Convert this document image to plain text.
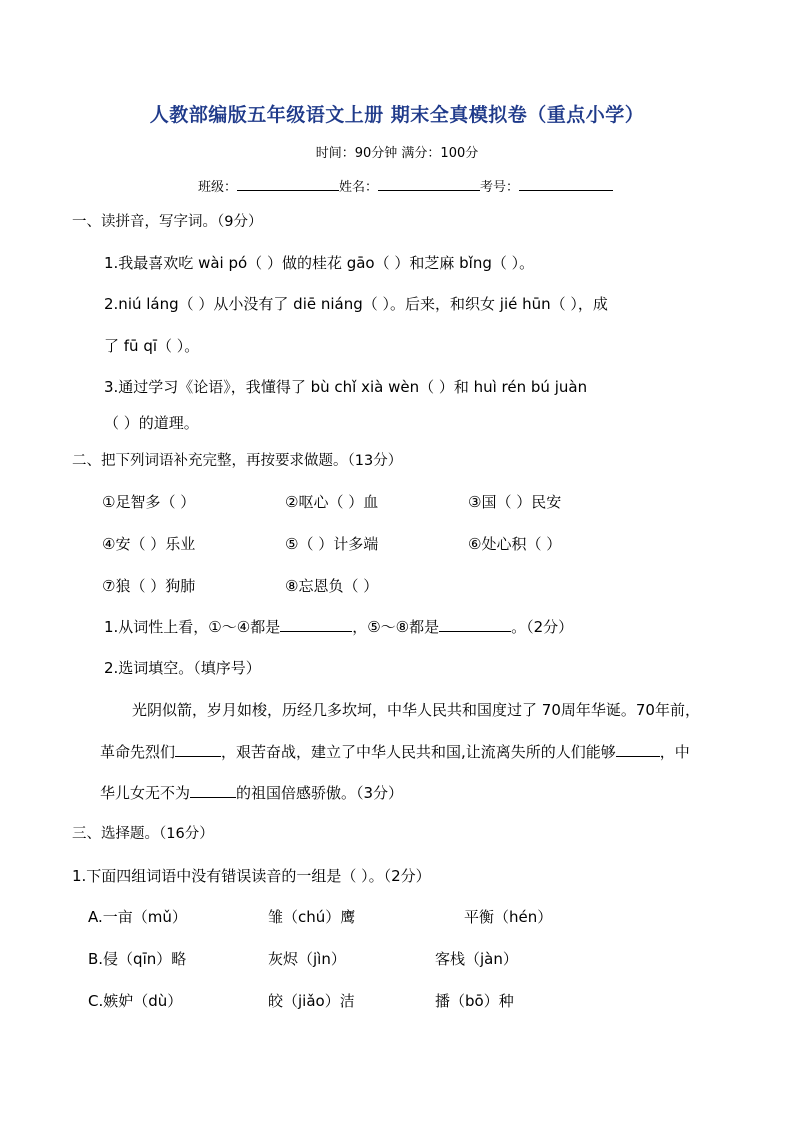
人教部编版五年级语文上册 期末全真模拟卷（重点小学）
时间：90分钟 满分：100分
班级：	姓名：	考号：
一、读拼音，写字词。（9分）
1.我最喜欢吃 wài pó（ ）做的桂花 gāo（ ）和芝麻 bǐng（ ）。
2.niú láng（ ）从小没有了 diē niáng（ ）。后来，和织女 jié hūn（ ），成
了 fū qī（ ）。
3.通过学习《论语》，我懂得了 bù chǐ xià wèn（ ）和 huì rén bú juàn
（ ）的道理。
二、把下列词语补充完整，再按要求做题。（13分）
①足智多（ ）	②呕心（ ）血	③国（ ）民安
④安（ ）乐业	⑤（ ）计多端	⑥处心积（ ）
⑦狼（ ）狗肺	⑧忘恩负（ ）
1.从词性上看，①～④都是	，⑤～⑧都是	。（2分）
2.选词填空。（填序号）
光阴似箭，岁月如梭，历经几多坎坷，中华人民共和国度过了 70周年华诞。70年前，
革命先烈们	，艰苦奋战，建立了中华人民共和国,让流离失所的人们能够	，中
华儿女无不为	的祖国倍感骄傲。（3分）
三、选择题。（16分）
1.下面四组词语中没有错误读音的一组是（ ）。（2分）
A.一亩（mǔ）	雏（chú）鹰	平衡（hén）
B.侵（qīn）略	灰烬（jìn）	客栈（jàn）
C.嫉妒（dù）	皎（jiǎo）洁	播（bō）种
